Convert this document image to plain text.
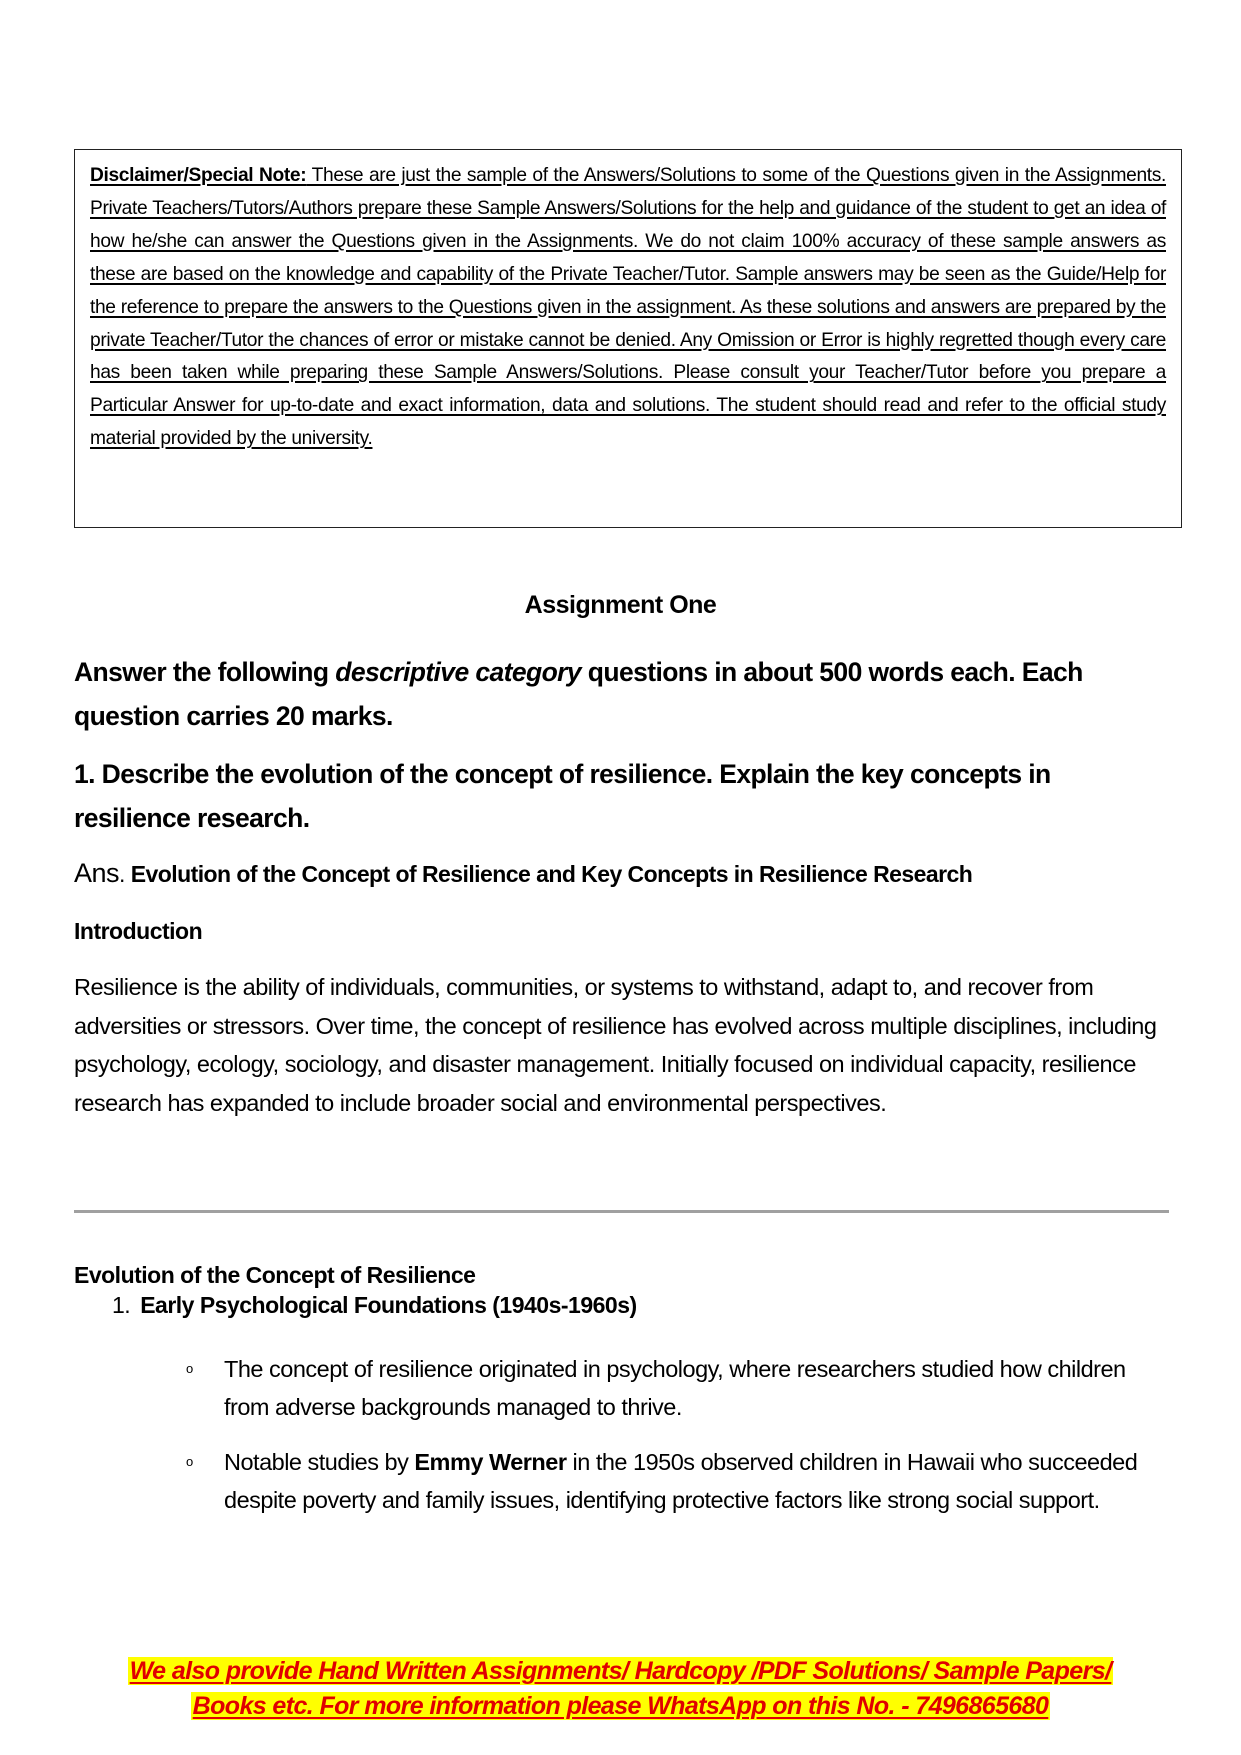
Disclaimer/Special Note: These are just the sample of the Answers/Solutions to some of the Questions given in the Assignments. Private Teachers/Tutors/Authors prepare these Sample Answers/Solutions for the help and guidance of the student to get an idea of how he/she can answer the Questions given in the Assignments. We do not claim 100% accuracy of these sample answers as these are based on the knowledge and capability of the Private Teacher/Tutor. Sample answers may be seen as the Guide/Help for the reference to prepare the answers to the Questions given in the assignment. As these solutions and answers are prepared by the private Teacher/Tutor the chances of error or mistake cannot be denied. Any Omission or Error is highly regretted though every care has been taken while preparing these Sample Answers/Solutions. Please consult your Teacher/Tutor before you prepare a Particular Answer for up-to-date and exact information, data and solutions. The student should read and refer to the official study material provided by the university.

Assignment One
Answer the following descriptive category questions in about 500 words each. Each question carries 20 marks.
1. Describe the evolution of the concept of resilience. Explain the key concepts in resilience research.
Ans. Evolution of the Concept of Resilience and Key Concepts in Resilience Research
Introduction
Resilience is the ability of individuals, communities, or systems to withstand, adapt to, and recover from adversities or stressors. Over time, the concept of resilience has evolved across multiple disciplines, including psychology, ecology, sociology, and disaster management. Initially focused on individual capacity, resilience research has expanded to include broader social and environmental perspectives.
Evolution of the Concept of Resilience
1. Early Psychological Foundations (1940s-1960s)
o The concept of resilience originated in psychology, where researchers studied how children from adverse backgrounds managed to thrive.
o Notable studies by Emmy Werner in the 1950s observed children in Hawaii who succeeded despite poverty and family issues, identifying protective factors like strong social support.
We also provide Hand Written Assignments/ Hardcopy /PDF Solutions/ Sample Papers/
Books etc. For more information please WhatsApp on this No. - 7496865680
